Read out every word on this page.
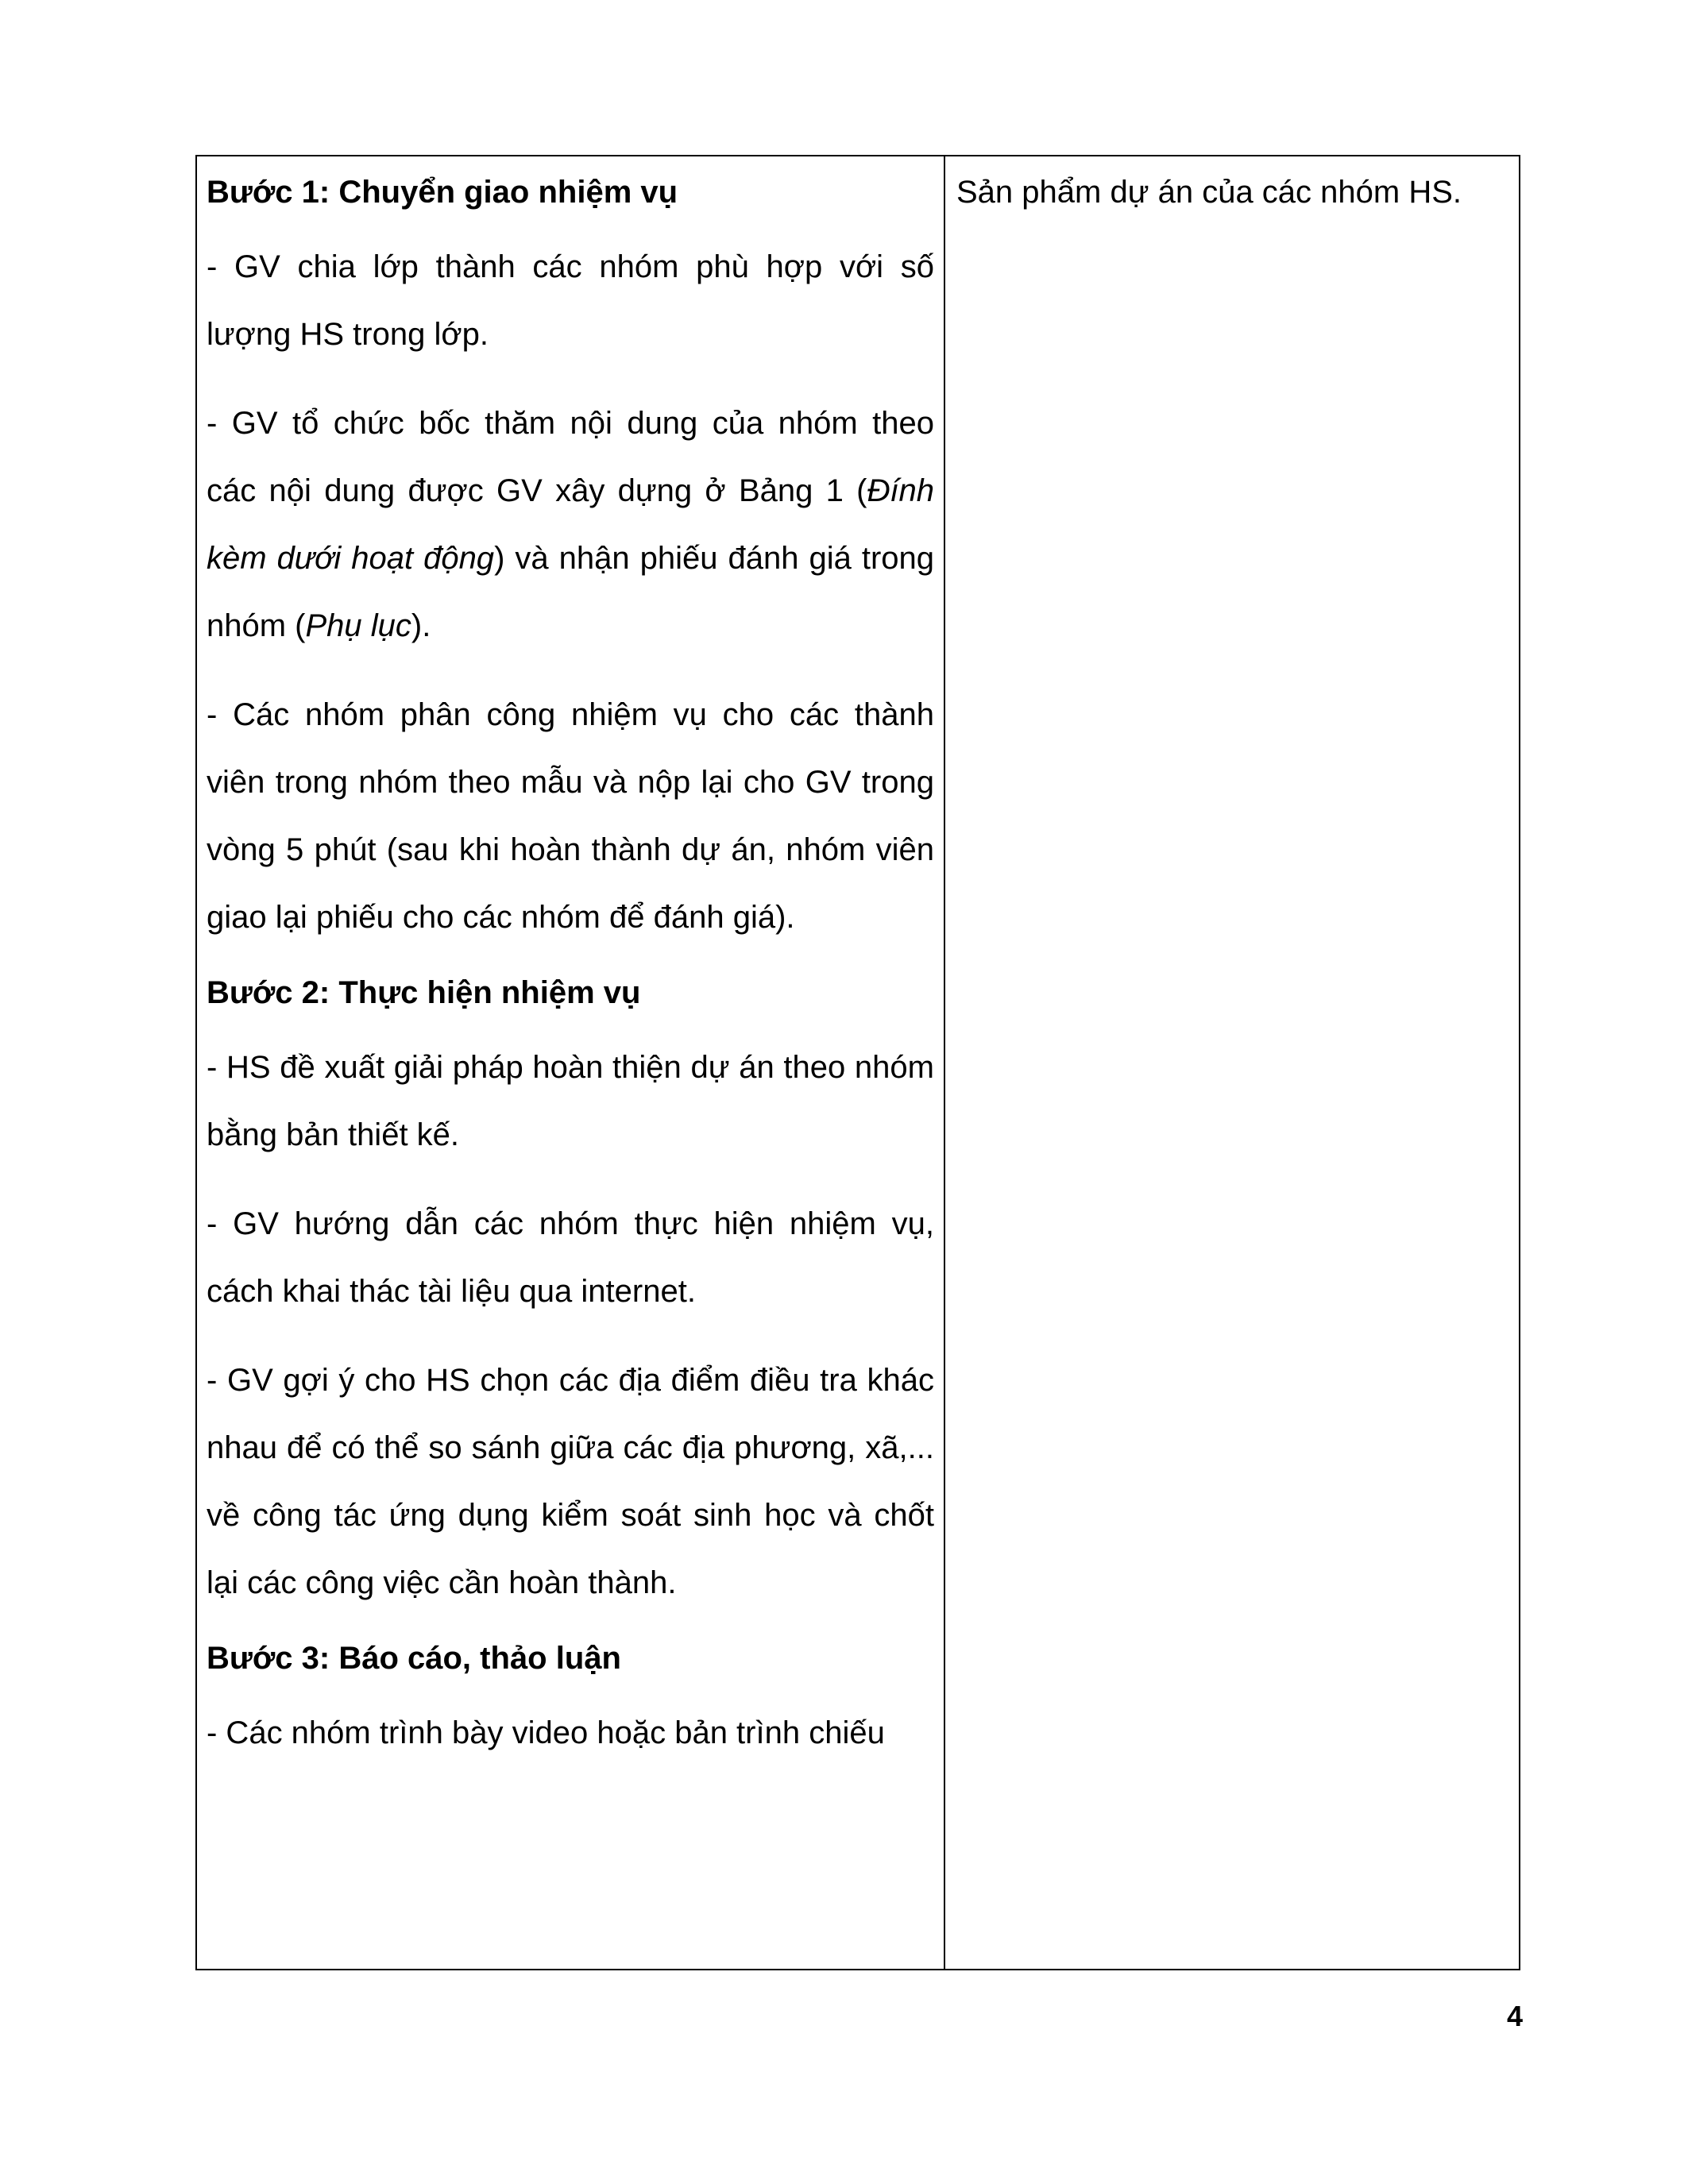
Bước 1: Chuyển giao nhiệm vụ

- GV chia lớp thành các nhóm phù hợp với số lượng HS trong lớp.

- GV tổ chức bốc thăm nội dung của nhóm theo các nội dung được GV xây dựng ở Bảng 1 (Đính kèm dưới hoạt động) và nhận phiếu đánh giá trong nhóm (Phụ lục).

- Các nhóm phân công nhiệm vụ cho các thành viên trong nhóm theo mẫu và nộp lại cho GV trong vòng 5 phút (sau khi hoàn thành dự án, nhóm viên giao lại phiếu cho các nhóm để đánh giá).

Bước 2: Thực hiện nhiệm vụ

- HS đề xuất giải pháp hoàn thiện dự án theo nhóm bằng bản thiết kế.

- GV hướng dẫn các nhóm thực hiện nhiệm vụ, cách khai thác tài liệu qua internet.

- GV gợi ý cho HS chọn các địa điểm điều tra khác nhau để có thể so sánh giữa các địa phương, xã,... về công tác ứng dụng kiểm soát sinh học và chốt lại các công việc cần hoàn thành.

Bước 3: Báo cáo, thảo luận

- Các nhóm trình bày video hoặc bản trình chiếu

Sản phẩm dự án của các nhóm HS.

4
